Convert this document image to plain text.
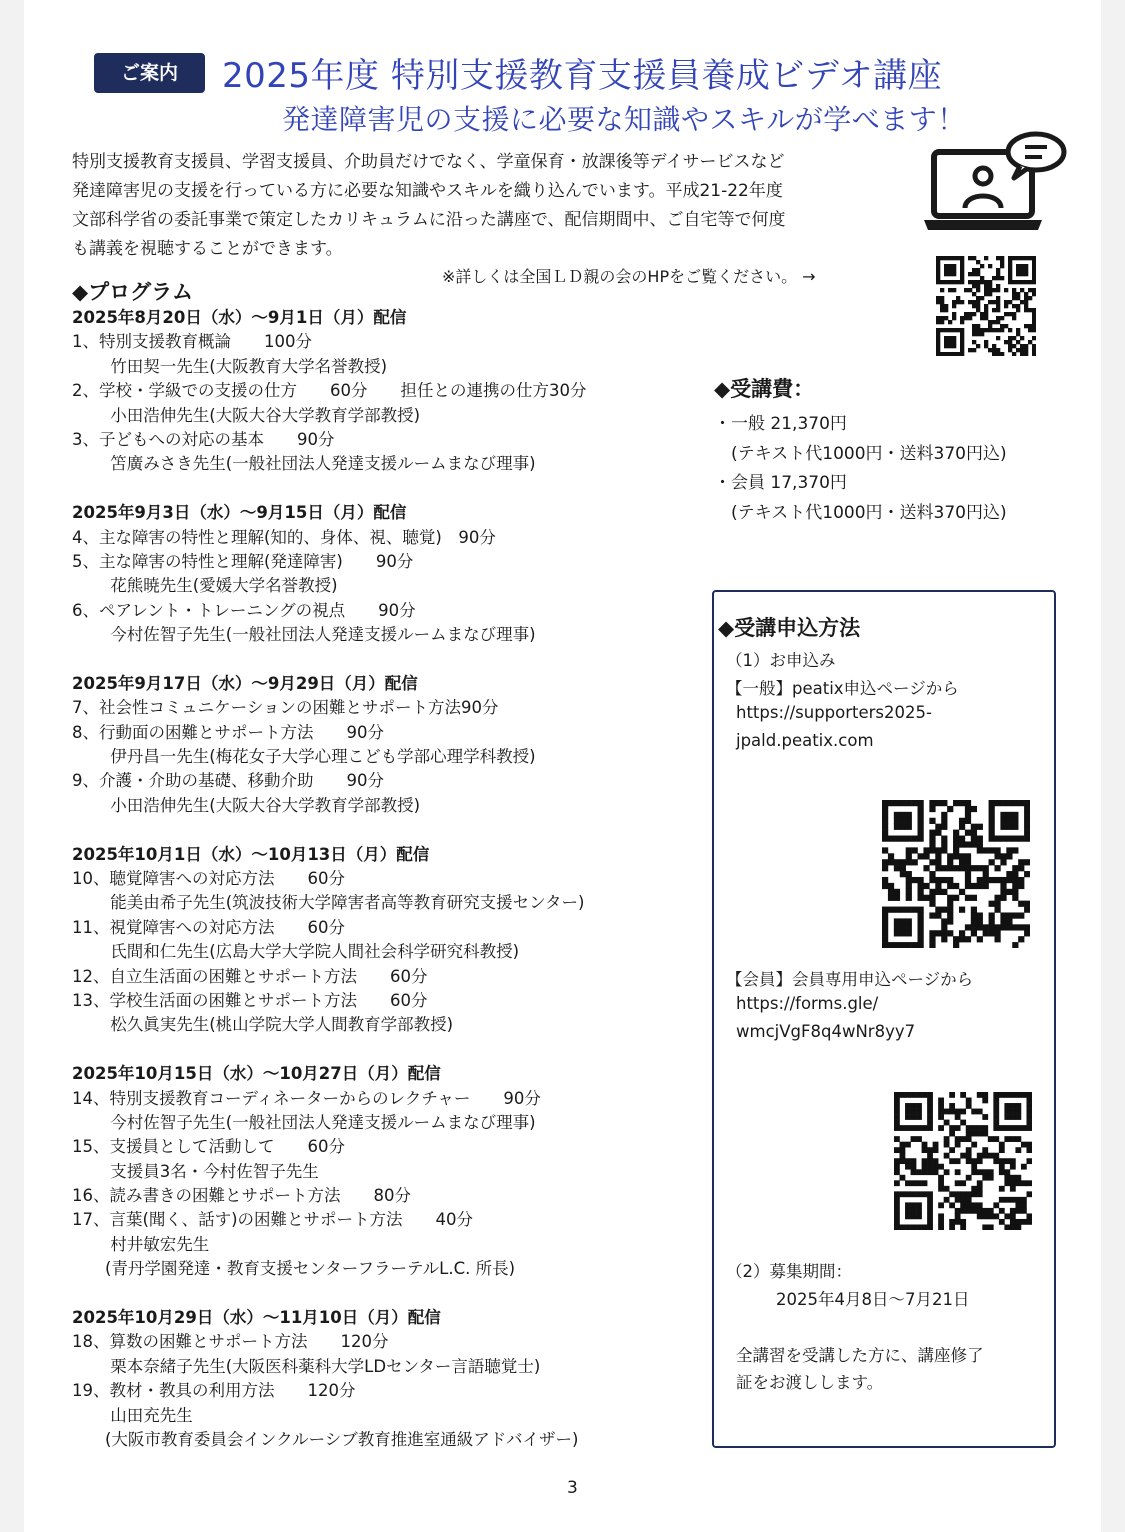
ご案内	2025年度 特別支援教育支援員養成ビデオ講座
発達障害児の支援に必要な知識やスキルが学べます！
特別支援教育支援員、学習支援員、介助員だけでなく、学童保育・放課後等デイサービスなど
発達障害児の支援を行っている方に必要な知識やスキルを織り込んでいます。平成21-22年度
文部科学省の委託事業で策定したカリキュラムに沿った講座で、配信期間中、ご自宅等で何度
も講義を視聴することができます。
※詳しくは全国ＬＤ親の会のHPをご覧ください。 →
◆プログラム
2025年8月20日（水）～9月1日（月）配信
1、特別支援教育概論　　100分
　　 竹田契一先生(大阪教育大学名誉教授)
2、学校・学級での支援の仕方　　60分　　担任との連携の仕方30分
　　 小田浩伸先生(大阪大谷大学教育学部教授)
3、子どもへの対応の基本　　90分
　　 笘廣みさき先生(一般社団法人発達支援ルームまなび理事)
2025年9月3日（水）～9月15日（月）配信
4、主な障害の特性と理解(知的、身体、視、聴覚)　90分
5、主な障害の特性と理解(発達障害)　　90分
　　 花熊暁先生(愛媛大学名誉教授)
6、ペアレント・トレーニングの視点　　90分
　　 今村佐智子先生(一般社団法人発達支援ルームまなび理事)
2025年9月17日（水）～9月29日（月）配信
7、社会性コミュニケーションの困難とサポート方法90分
8、行動面の困難とサポート方法　　90分
　　 伊丹昌一先生(梅花女子大学心理こども学部心理学科教授)
9、介護・介助の基礎、移動介助　　90分
　　 小田浩伸先生(大阪大谷大学教育学部教授)
2025年10月1日（水）～10月13日（月）配信
10、聴覚障害への対応方法　　60分
　　 能美由希子先生(筑波技術大学障害者高等教育研究支援センター)
11、視覚障害への対応方法　　60分
　　 氏間和仁先生(広島大学大学院人間社会科学研究科教授)
12、自立生活面の困難とサポート方法　　60分
13、学校生活面の困難とサポート方法　　60分
　　 松久眞実先生(桃山学院大学人間教育学部教授)
2025年10月15日（水）～10月27日（月）配信
14、特別支援教育コーディネーターからのレクチャー　　90分
　　 今村佐智子先生(一般社団法人発達支援ルームまなび理事)
15、支援員として活動して　　60分
　　 支援員3名・今村佐智子先生
16、読み書きの困難とサポート方法　　80分
17、言葉(聞く、話す)の困難とサポート方法　　40分
　　 村井敏宏先生
　　(青丹学園発達・教育支援センターフラーテルL.C. 所長)
2025年10月29日（水）～11月10日（月）配信
18、算数の困難とサポート方法　　120分
　　 栗本奈緒子先生(大阪医科薬科大学LDセンター言語聴覚士)
19、教材・教具の利用方法　　120分
　　 山田充先生
　　(大阪市教育委員会インクルーシブ教育推進室通級アドバイザー)
◆受講費：
・一般 21,370円
　(テキスト代1000円・送料370円込)
・会員 17,370円
　(テキスト代1000円・送料370円込)
◆受講申込方法
（1）お申込み
【一般】peatix申込ページから
https://supporters2025-
jpald.peatix.com
【会員】会員専用申込ページから
https://forms.gle/
wmcjVgF8q4wNr8yy7
（2）募集期間：
2025年4月8日～7月21日
全講習を受講した方に、講座修了
証をお渡しします。
3
